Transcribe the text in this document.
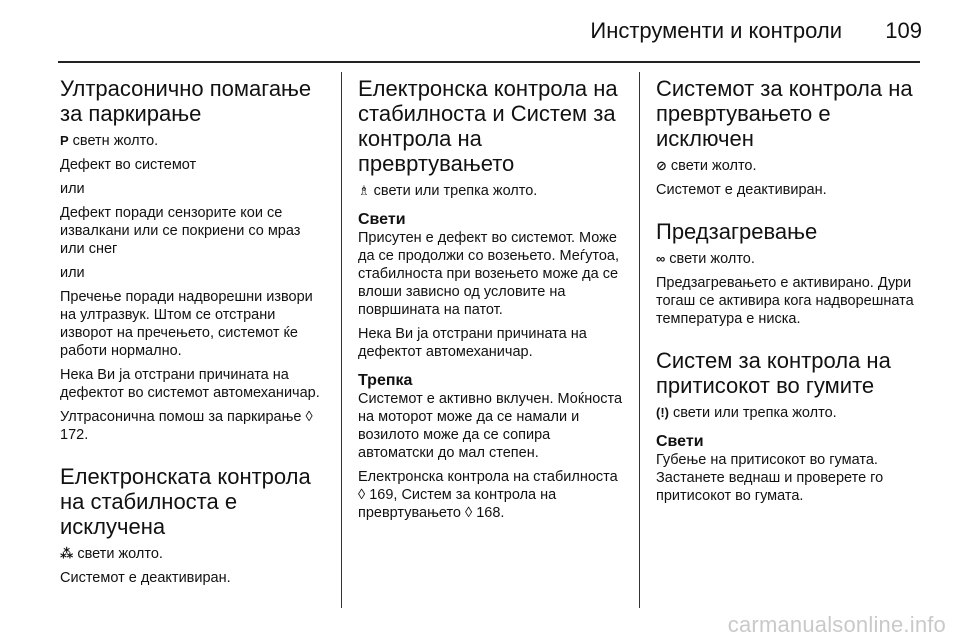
Инструменти и контроли 109
Ултрасонично помагање за паркирање

P светн жолто.

Дефект во системот

или

Дефект поради сензорите кои се извалкани или се покриени со мраз или снег

или

Пречење поради надворешни извори на ултразвук. Штом се отстрани изворот на пречењето, системот ќе работи нормално.

Нека Ви ја отстрани причината на дефектот во системот автомеханичар.

Ултрасонична помош за паркирање ◊ 172.

Електронската контрола на стабилноста е исклучена

⁂ свети жолто.

Системот е деактивиран.

Електронска контрола на стабилноста и Систем за контрола на превртувањето

♗ свети или трепка жолто.

Свети

Присутен е дефект во системот. Може да се продолжи со возењето. Меѓутоа, стабилноста при возењето може да се влоши зависно од условите на површината на патот.

Нека Ви ја отстрани причината на дефектот автомеханичар.

Трепка

Системот е активно вклучен. Моќноста на моторот може да се намали и возилото може да се сопира автоматски до мал степен.

Електронска контрола на стабилноста ◊ 169, Систем за контрола на превртувањето ◊ 168.

Системот за контрола на превртувањето е исключен

⊘ свети жолто.

Системот е деактивиран.

Предзагревање

∞ свети жолто.

Предзагревањето е активирано. Дури тогаш се активира кога надворешната температура е ниска.

Систем за контрола на притисокот во гумите

(!) свети или трепка жолто.

Свети

Губење на притисокот во гумата. Застанете веднаш и проверете го притисокот во гумата.

carmanualsonline.info
